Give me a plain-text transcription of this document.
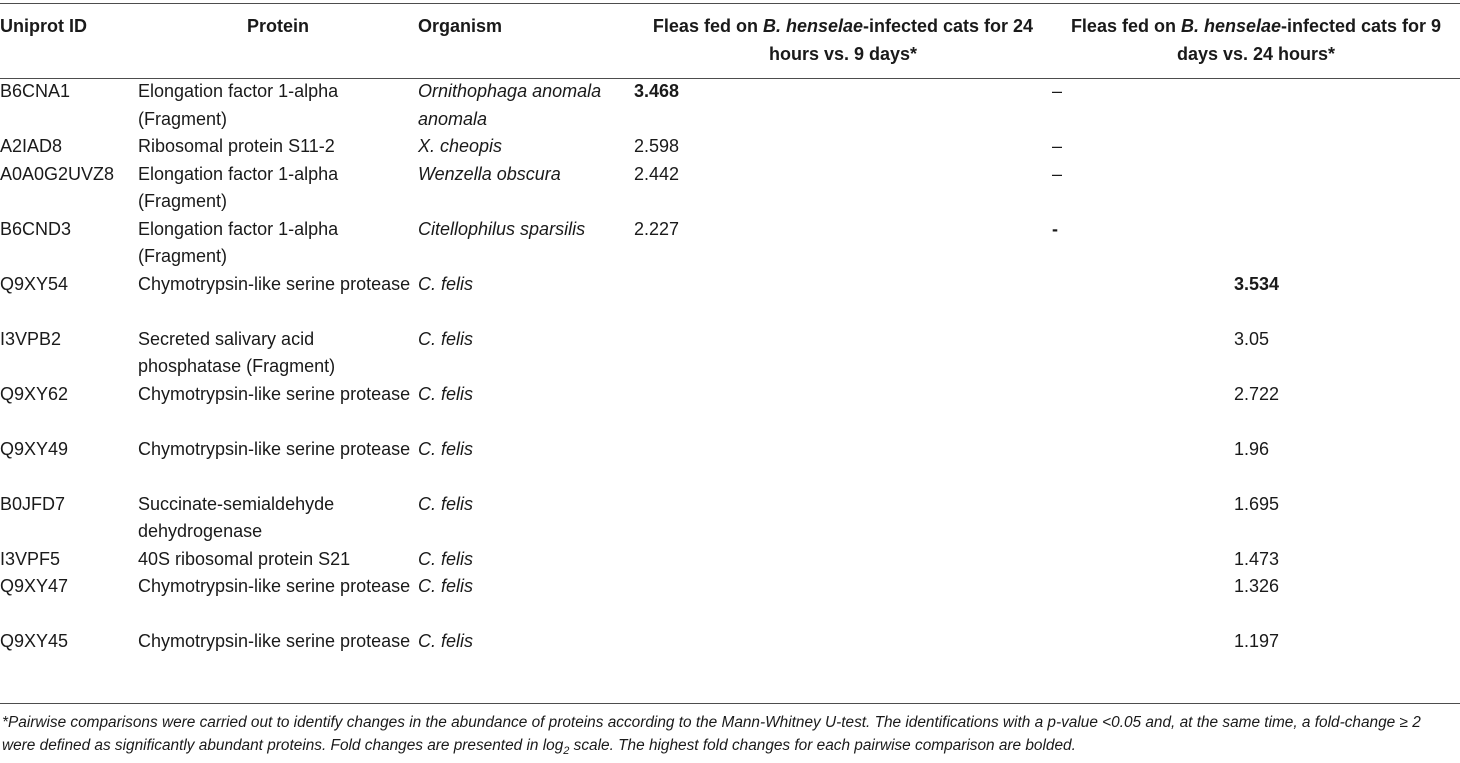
Uniprot ID	Protein	Organism	Fleas fed on B. henselae-infected cats for 24 hours vs. 9 days*	Fleas fed on B. henselae-infected cats for 9 days vs. 24 hours*
B6CNA1	Elongation factor 1-alpha (Fragment)	Ornithophaga anomala anomala	3.468	–
A2IAD8	Ribosomal protein S11-2	X. cheopis	2.598	–
A0A0G2UVZ8	Elongation factor 1-alpha (Fragment)	Wenzella obscura	2.442	–
B6CND3	Elongation factor 1-alpha (Fragment)	Citellophilus sparsilis	2.227	-
Q9XY54	Chymotrypsin-like serine protease	C. felis		3.534
I3VPB2	Secreted salivary acid phosphatase (Fragment)	C. felis		3.05
Q9XY62	Chymotrypsin-like serine protease	C. felis		2.722
Q9XY49	Chymotrypsin-like serine protease	C. felis		1.96
B0JFD7	Succinate-semialdehyde dehydrogenase	C. felis		1.695
I3VPF5	40S ribosomal protein S21	C. felis		1.473
Q9XY47	Chymotrypsin-like serine protease	C. felis		1.326
Q9XY45	Chymotrypsin-like serine protease	C. felis		1.197
*Pairwise comparisons were carried out to identify changes in the abundance of proteins according to the Mann-Whitney U-test. The identifications with a p-value <0.05 and, at the same time, a fold-change ≥ 2 were defined as significantly abundant proteins. Fold changes are presented in $\log_2$ scale. The highest fold changes for each pairwise comparison are bolded.
